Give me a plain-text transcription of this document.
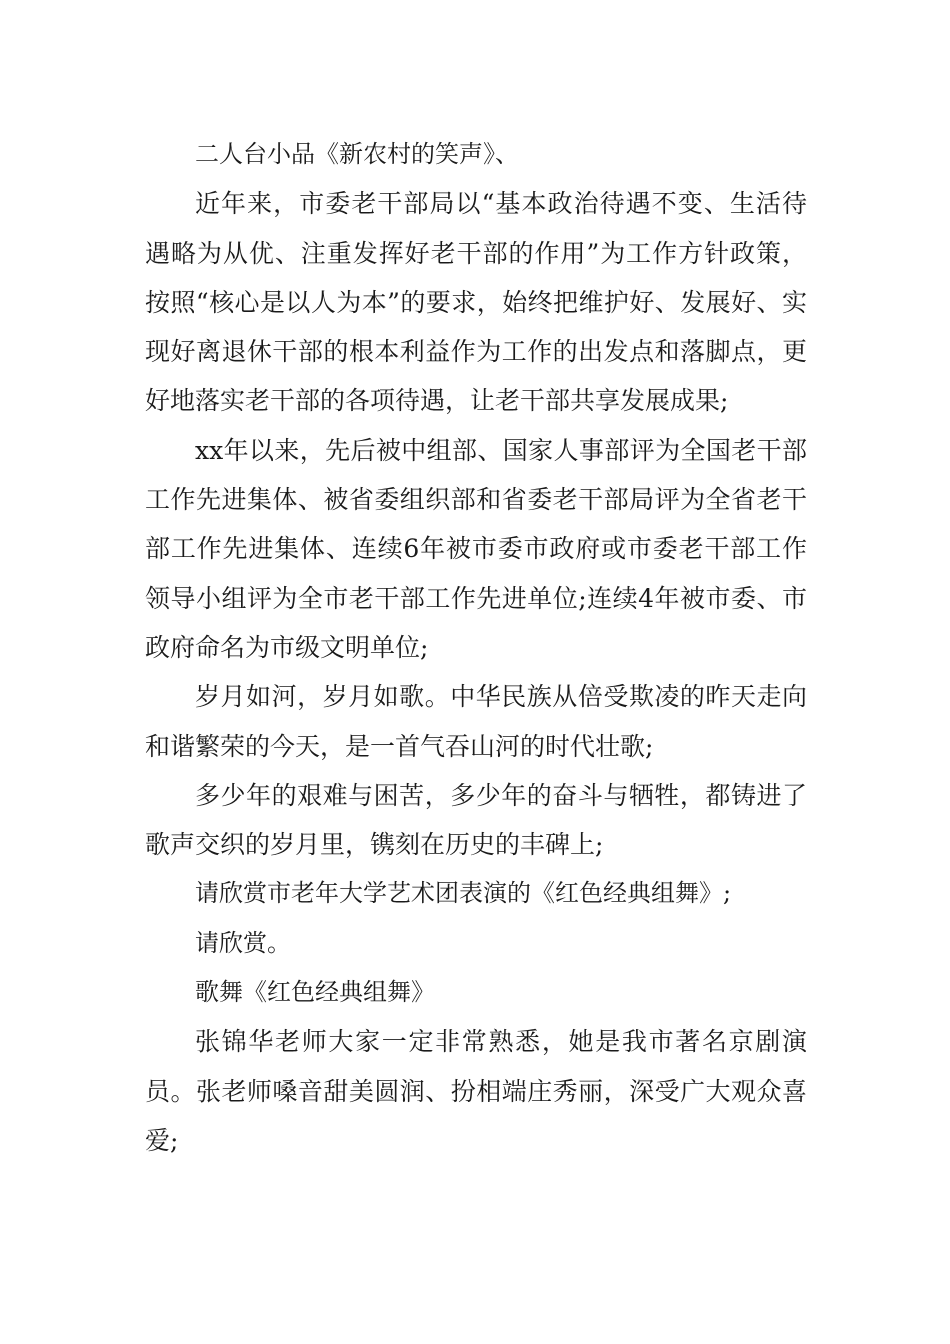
二人台小品《新农村的笑声》、

近年来，市委老干部局以“基本政治待遇不变、生活待遇略为从优、注重发挥好老干部的作用”为工作方针政策，按照“核心是以人为本”的要求，始终把维护好、发展好、实现好离退休干部的根本利益作为工作的出发点和落脚点，更好地落实老干部的各项待遇，让老干部共享发展成果;

xx年以来，先后被中组部、国家人事部评为全国老干部工作先进集体、被省委组织部和省委老干部局评为全省老干部工作先进集体、连续6年被市委市政府或市委老干部工作领导小组评为全市老干部工作先进单位;连续4年被市委、市政府命名为市级文明单位;

岁月如河，岁月如歌。中华民族从倍受欺凌的昨天走向和谐繁荣的今天，是一首气吞山河的时代壮歌;

多少年的艰难与困苦，多少年的奋斗与牺牲，都铸进了歌声交织的岁月里，镌刻在历史的丰碑上;

请欣赏市老年大学艺术团表演的《红色经典组舞》;

请欣赏。

歌舞《红色经典组舞》

张锦华老师大家一定非常熟悉，她是我市著名京剧演员。张老师嗓音甜美圆润、扮相端庄秀丽，深受广大观众喜爱;
